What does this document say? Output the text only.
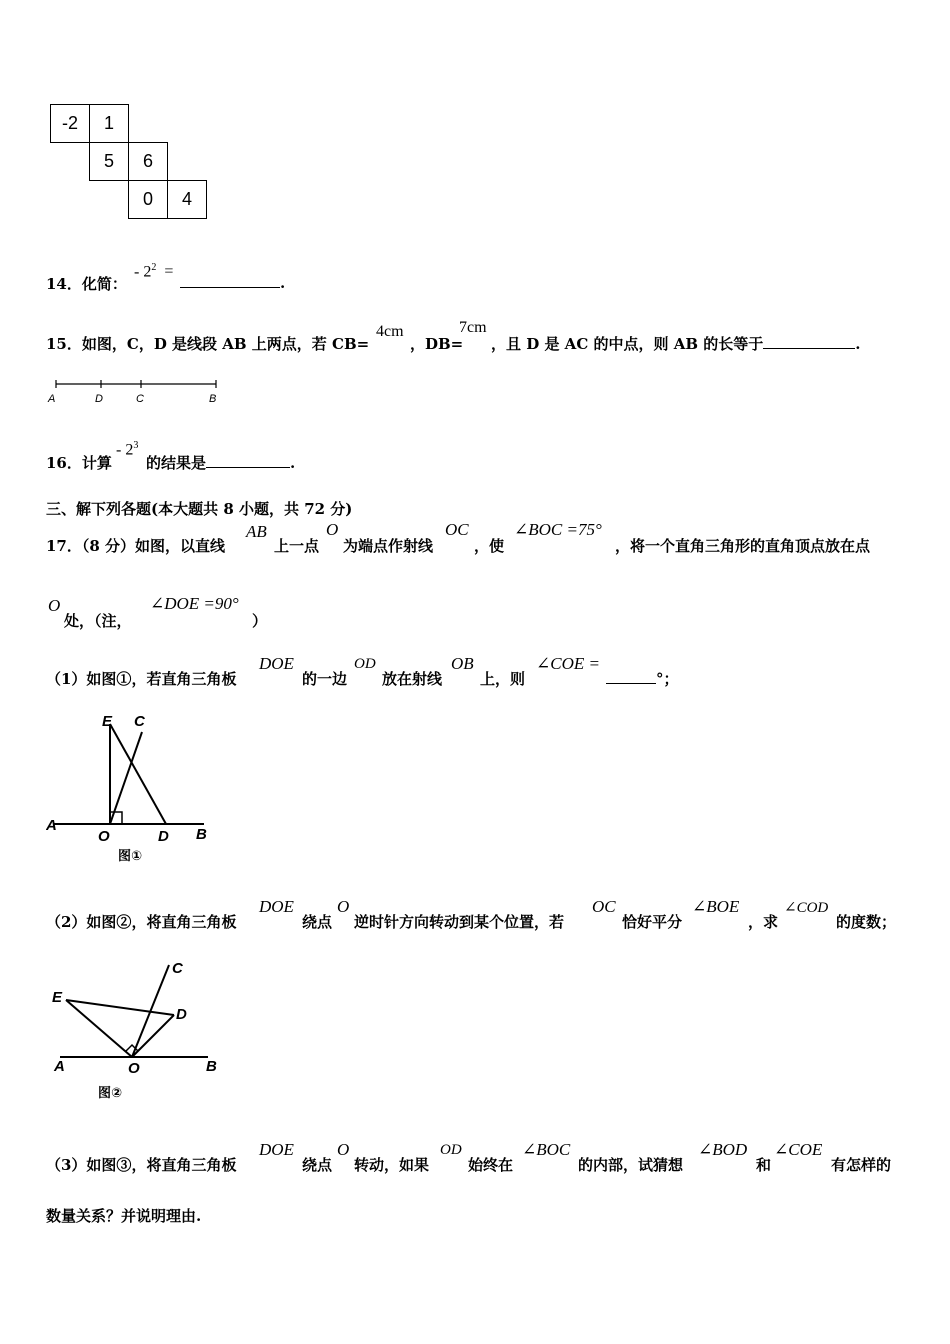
-2	1		
	5	6	
		0	4
14．化简：
- $2^2$ =
.
15．如图，C，D 是线段 AB 上两点，若 CB=
4cm
，DB=
7cm
，且 D 是 AC 的中点，则 AB 的长等于	.
A	D	C	B
16．计算
- $2^3$
的结果是	.
三、解下列各题(本大题共 8 小题，共 72 分)
17．（8 分）如图，以直线
AB
上一点
O
为端点作射线
OC
，使
∠BOC =75°
，将一个直角三角形的直角顶点放在点
O
处，（注，
∠DOE =90°
）
（1）如图①，若直角三角板
DOE
的一边
OD
放在射线
OB
上，则
∠COE =
°；
E C
A
O	D B
图①
（2）如图②，将直角三角板
DOE
绕点
O
逆时针方向转动到某个位置，若
OC
恰好平分
∠BOE
，求
∠COD
的度数；
C
E
D
A	O	B
图②
（3）如图③，将直角三角板
DOE
绕点
O
转动，如果
OD
始终在
∠BOC
的内部，试猜想
∠BOD
和
∠COE
有怎样的
数量关系？并说明理由.
